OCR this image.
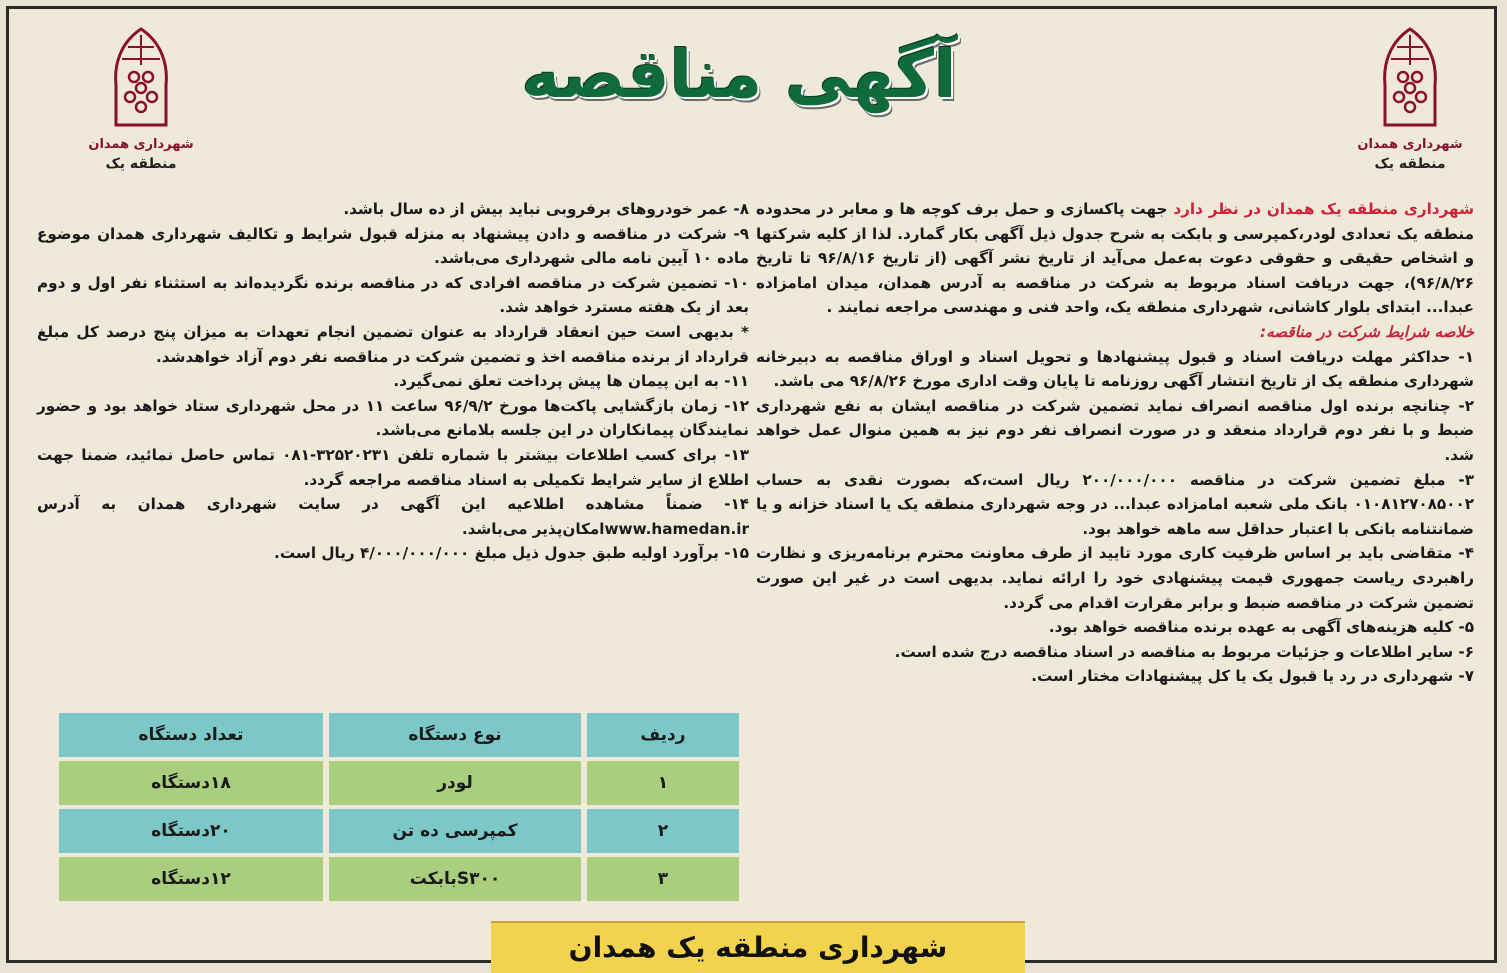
شهرداری همدان
منطقه یک
شهرداری همدان
منطقه یک
آگهی مناقصه

شهرداری منطقه یک همدان در نظر دارد جهت پاکسازی و حمل برف کوچه ها و معابر در محدوده منطقه یک تعدادی لودر،کمپرسی و بابکت به شرح جدول ذیل آگهی بکار گمارد. لذا از کلیه شرکتها و اشخاص حقیقی و حقوقی دعوت به‌عمل می‌آید از تاریخ نشر آگهی (از تاریخ ۹۶/۸/۱۶ تا تاریخ ۹۶/۸/۲۶)، جهت دریافت اسناد مربوط به شرکت در مناقصه به آدرس همدان، میدان امامزاده عبدا... ابتدای بلوار کاشانی، شهرداری منطقه یک، واحد فنی و مهندسی مراجعه نمایند .

خلاصه شرایط شرکت در مناقصه:

۱- حداکثر مهلت دریافت اسناد و قبول پیشنهادها و تحویل اسناد و اوراق مناقصه به دبیرخانه شهرداری منطقه یک از تاریخ انتشار آگهی روزنامه تا پایان وقت اداری مورخ ۹۶/۸/۲۶ می باشد.

۲- چنانچه برنده اول مناقصه انصراف نماید تضمین شرکت در مناقصه ایشان به نفع شهرداری ضبط و با نفر دوم قرارداد منعقد و در صورت انصراف نفر دوم نیز به همین منوال عمل خواهد شد.

۳- مبلغ تضمین شرکت در مناقصه ۲۰۰/۰۰۰/۰۰۰ ریال است،که بصورت نقدی به حساب ۰۱۰۸۱۲۷۰۸۵۰۰۲ بانک ملی شعبه امامزاده عبدا... در وجه شهرداری منطقه یک یا اسناد خزانه و یا ضمانتنامه بانکی با اعتبار حداقل سه ماهه خواهد بود.

۴- متقاضی باید بر اساس ظرفیت کاری مورد تایید از طرف معاونت محترم برنامه‌ریزی و نظارت راهبردی ریاست جمهوری قیمت پیشنهادی خود را ارائه نماید. بدیهی است در غیر این صورت تضمین شرکت در مناقصه ضبط و برابر مقرارت اقدام می گردد.

۵- کلیه هزینه‌های آگهی به عهده برنده مناقصه خواهد بود.

۶- سایر اطلاعات و جزئیات مربوط به مناقصه در اسناد مناقصه درج شده است.

۷- شهرداری در رد یا قبول یک یا کل پیشنهادات مختار است.

۸- عمر خودروهای برفروبی نباید بیش از ده سال باشد.

۹- شرکت در مناقصه و دادن پیشنهاد به منزله قبول شرایط و تکالیف شهرداری همدان موضوع ماده ۱۰ آیین نامه مالی شهرداری می‌باشد.

۱۰- تضمین شرکت در مناقصه افرادی که در مناقصه برنده نگردیده‌اند به استثناء نفر اول و دوم بعد از یک هفته مسترد خواهد شد.

* بدیهی است حین انعقاد قرارداد به عنوان تضمین انجام تعهدات به میزان پنج درصد کل مبلغ قرارداد از برنده مناقصه اخذ و تضمین شرکت در مناقصه نفر دوم آزاد خواهدشد.

۱۱- به این پیمان ها پیش پرداخت تعلق نمی‌گیرد.

۱۲- زمان بازگشایی پاکت‌ها مورخ ۹۶/۹/۲ ساعت ۱۱ در محل شهرداری ستاد خواهد بود و حضور نمایندگان پیمانکاران در این جلسه بلامانع می‌باشد.

۱۳- برای کسب اطلاعات بیشتر با شماره تلفن ۳۲۵۲۰۲۳۱-۰۸۱ تماس حاصل نمائید، ضمنا جهت اطلاع از سایر شرایط تکمیلی به اسناد مناقصه مراجعه گردد.

۱۴- ضمناً مشاهده اطلاعیه این آگهی در سایت شهرداری همدان به آدرس www.hamedan.irامکان‌پذیر می‌باشد.

۱۵- برآورد اولیه طبق جدول ذیل مبلغ ۴/۰۰۰/۰۰۰/۰۰۰ ریال است.

ردیف	نوع دستگاه	تعداد دستگاه
۱	لودر	۱۸دستگاه
۲	کمپرسی ده تن	۲۰دستگاه
۳	S۳۰۰بابکت	۱۲دستگاه
شهرداری منطقه یک همدان
